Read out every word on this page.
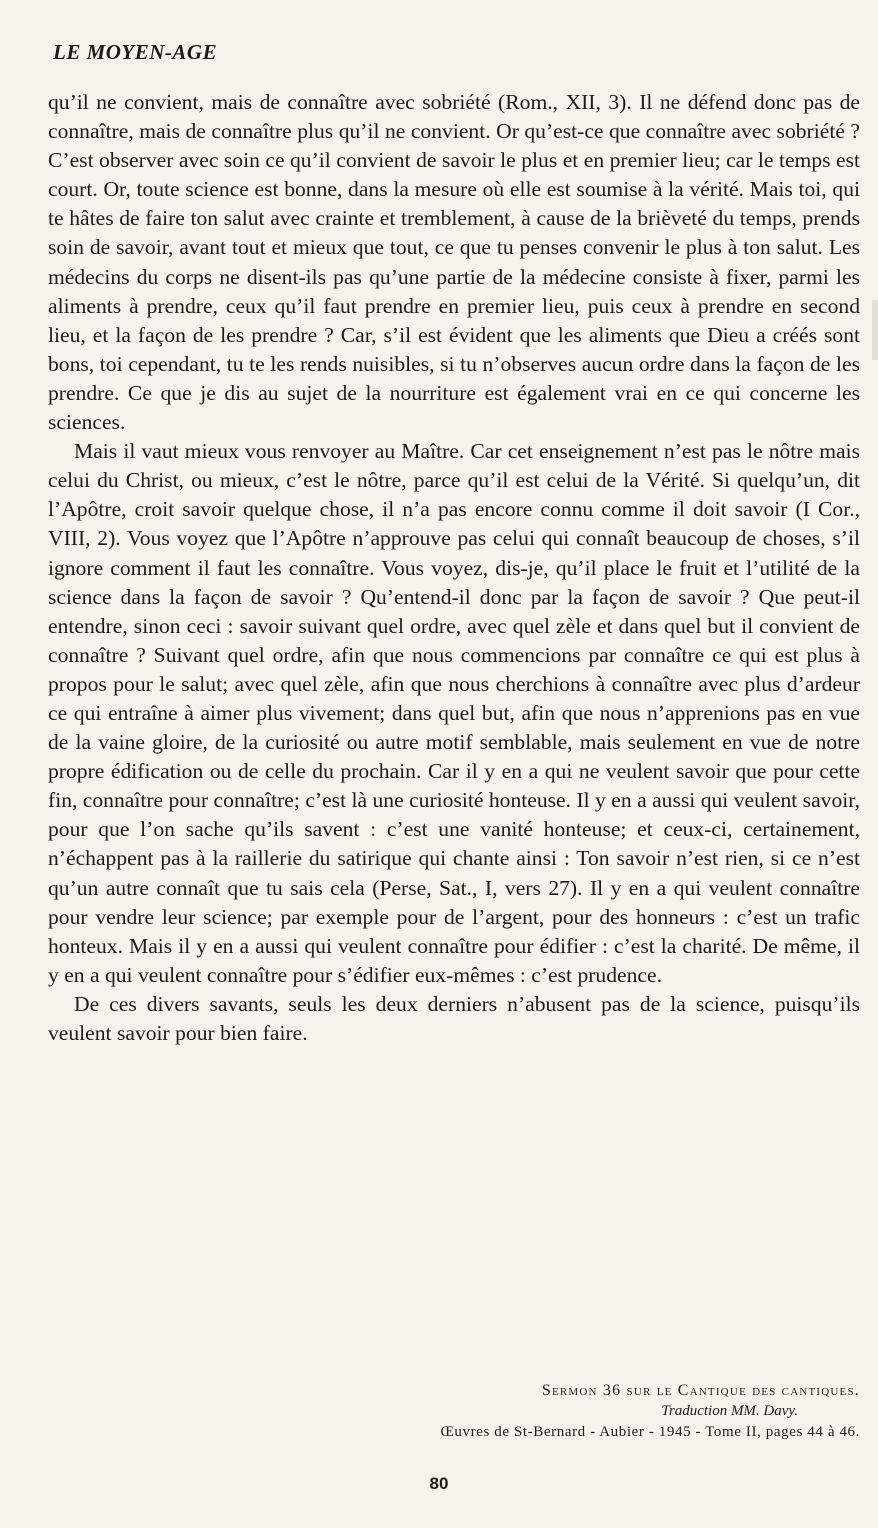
LE MOYEN-AGE

qu’il ne convient, mais de connaître avec sobriété (Rom., XII, 3). Il ne défend donc pas de connaître, mais de connaître plus qu’il ne convient. Or qu’est-ce que connaître avec sobriété ? C’est observer avec soin ce qu’il convient de savoir le plus et en premier lieu; car le temps est court. Or, toute science est bonne, dans la mesure où elle est soumise à la vérité. Mais toi, qui te hâtes de faire ton salut avec crainte et tremblement, à cause de la brièveté du temps, prends soin de savoir, avant tout et mieux que tout, ce que tu penses convenir le plus à ton salut. Les médecins du corps ne disent-ils pas qu’une partie de la médecine consiste à fixer, parmi les aliments à prendre, ceux qu’il faut prendre en premier lieu, puis ceux à prendre en second lieu, et la façon de les prendre ? Car, s’il est évident que les aliments que Dieu a créés sont bons, toi cependant, tu te les rends nuisibles, si tu n’observes aucun ordre dans la façon de les prendre. Ce que je dis au sujet de la nourriture est également vrai en ce qui concerne les sciences.

Mais il vaut mieux vous renvoyer au Maître. Car cet enseignement n’est pas le nôtre mais celui du Christ, ou mieux, c’est le nôtre, parce qu’il est celui de la Vérité. Si quelqu’un, dit l’Apôtre, croit savoir quelque chose, il n’a pas encore connu comme il doit savoir (I Cor., VIII, 2). Vous voyez que l’Apôtre n’approuve pas celui qui connaît beaucoup de choses, s’il ignore comment il faut les connaître. Vous voyez, dis-je, qu’il place le fruit et l’utilité de la science dans la façon de savoir ? Qu’entend-il donc par la façon de savoir ? Que peut-il entendre, sinon ceci : savoir suivant quel ordre, avec quel zèle et dans quel but il convient de connaître ? Suivant quel ordre, afin que nous commencions par connaître ce qui est plus à propos pour le salut; avec quel zèle, afin que nous cherchions à connaître avec plus d’ardeur ce qui entraîne à aimer plus vivement; dans quel but, afin que nous n’apprenions pas en vue de la vaine gloire, de la curiosité ou autre motif semblable, mais seulement en vue de notre propre édification ou de celle du prochain. Car il y en a qui ne veulent savoir que pour cette fin, connaître pour connaître; c’est là une curiosité honteuse. Il y en a aussi qui veulent savoir, pour que l’on sache qu’ils savent : c’est une vanité honteuse; et ceux-ci, certainement, n’échappent pas à la raillerie du satirique qui chante ainsi : Ton savoir n’est rien, si ce n’est qu’un autre connaît que tu sais cela (Perse, Sat., I, vers 27). Il y en a qui veulent connaître pour vendre leur science; par exemple pour de l’argent, pour des honneurs : c’est un trafic honteux. Mais il y en a aussi qui veulent connaître pour édifier : c’est la charité. De même, il y en a qui veulent connaître pour s’édifier eux-mêmes : c’est prudence.

De ces divers savants, seuls les deux derniers n’abusent pas de la science, puisqu’ils veulent savoir pour bien faire.

Sermon 36 sur le Cantique des cantiques.
Traduction MM. Davy.
Œuvres de St-Bernard - Aubier - 1945 - Tome II, pages 44 à 46.
80
